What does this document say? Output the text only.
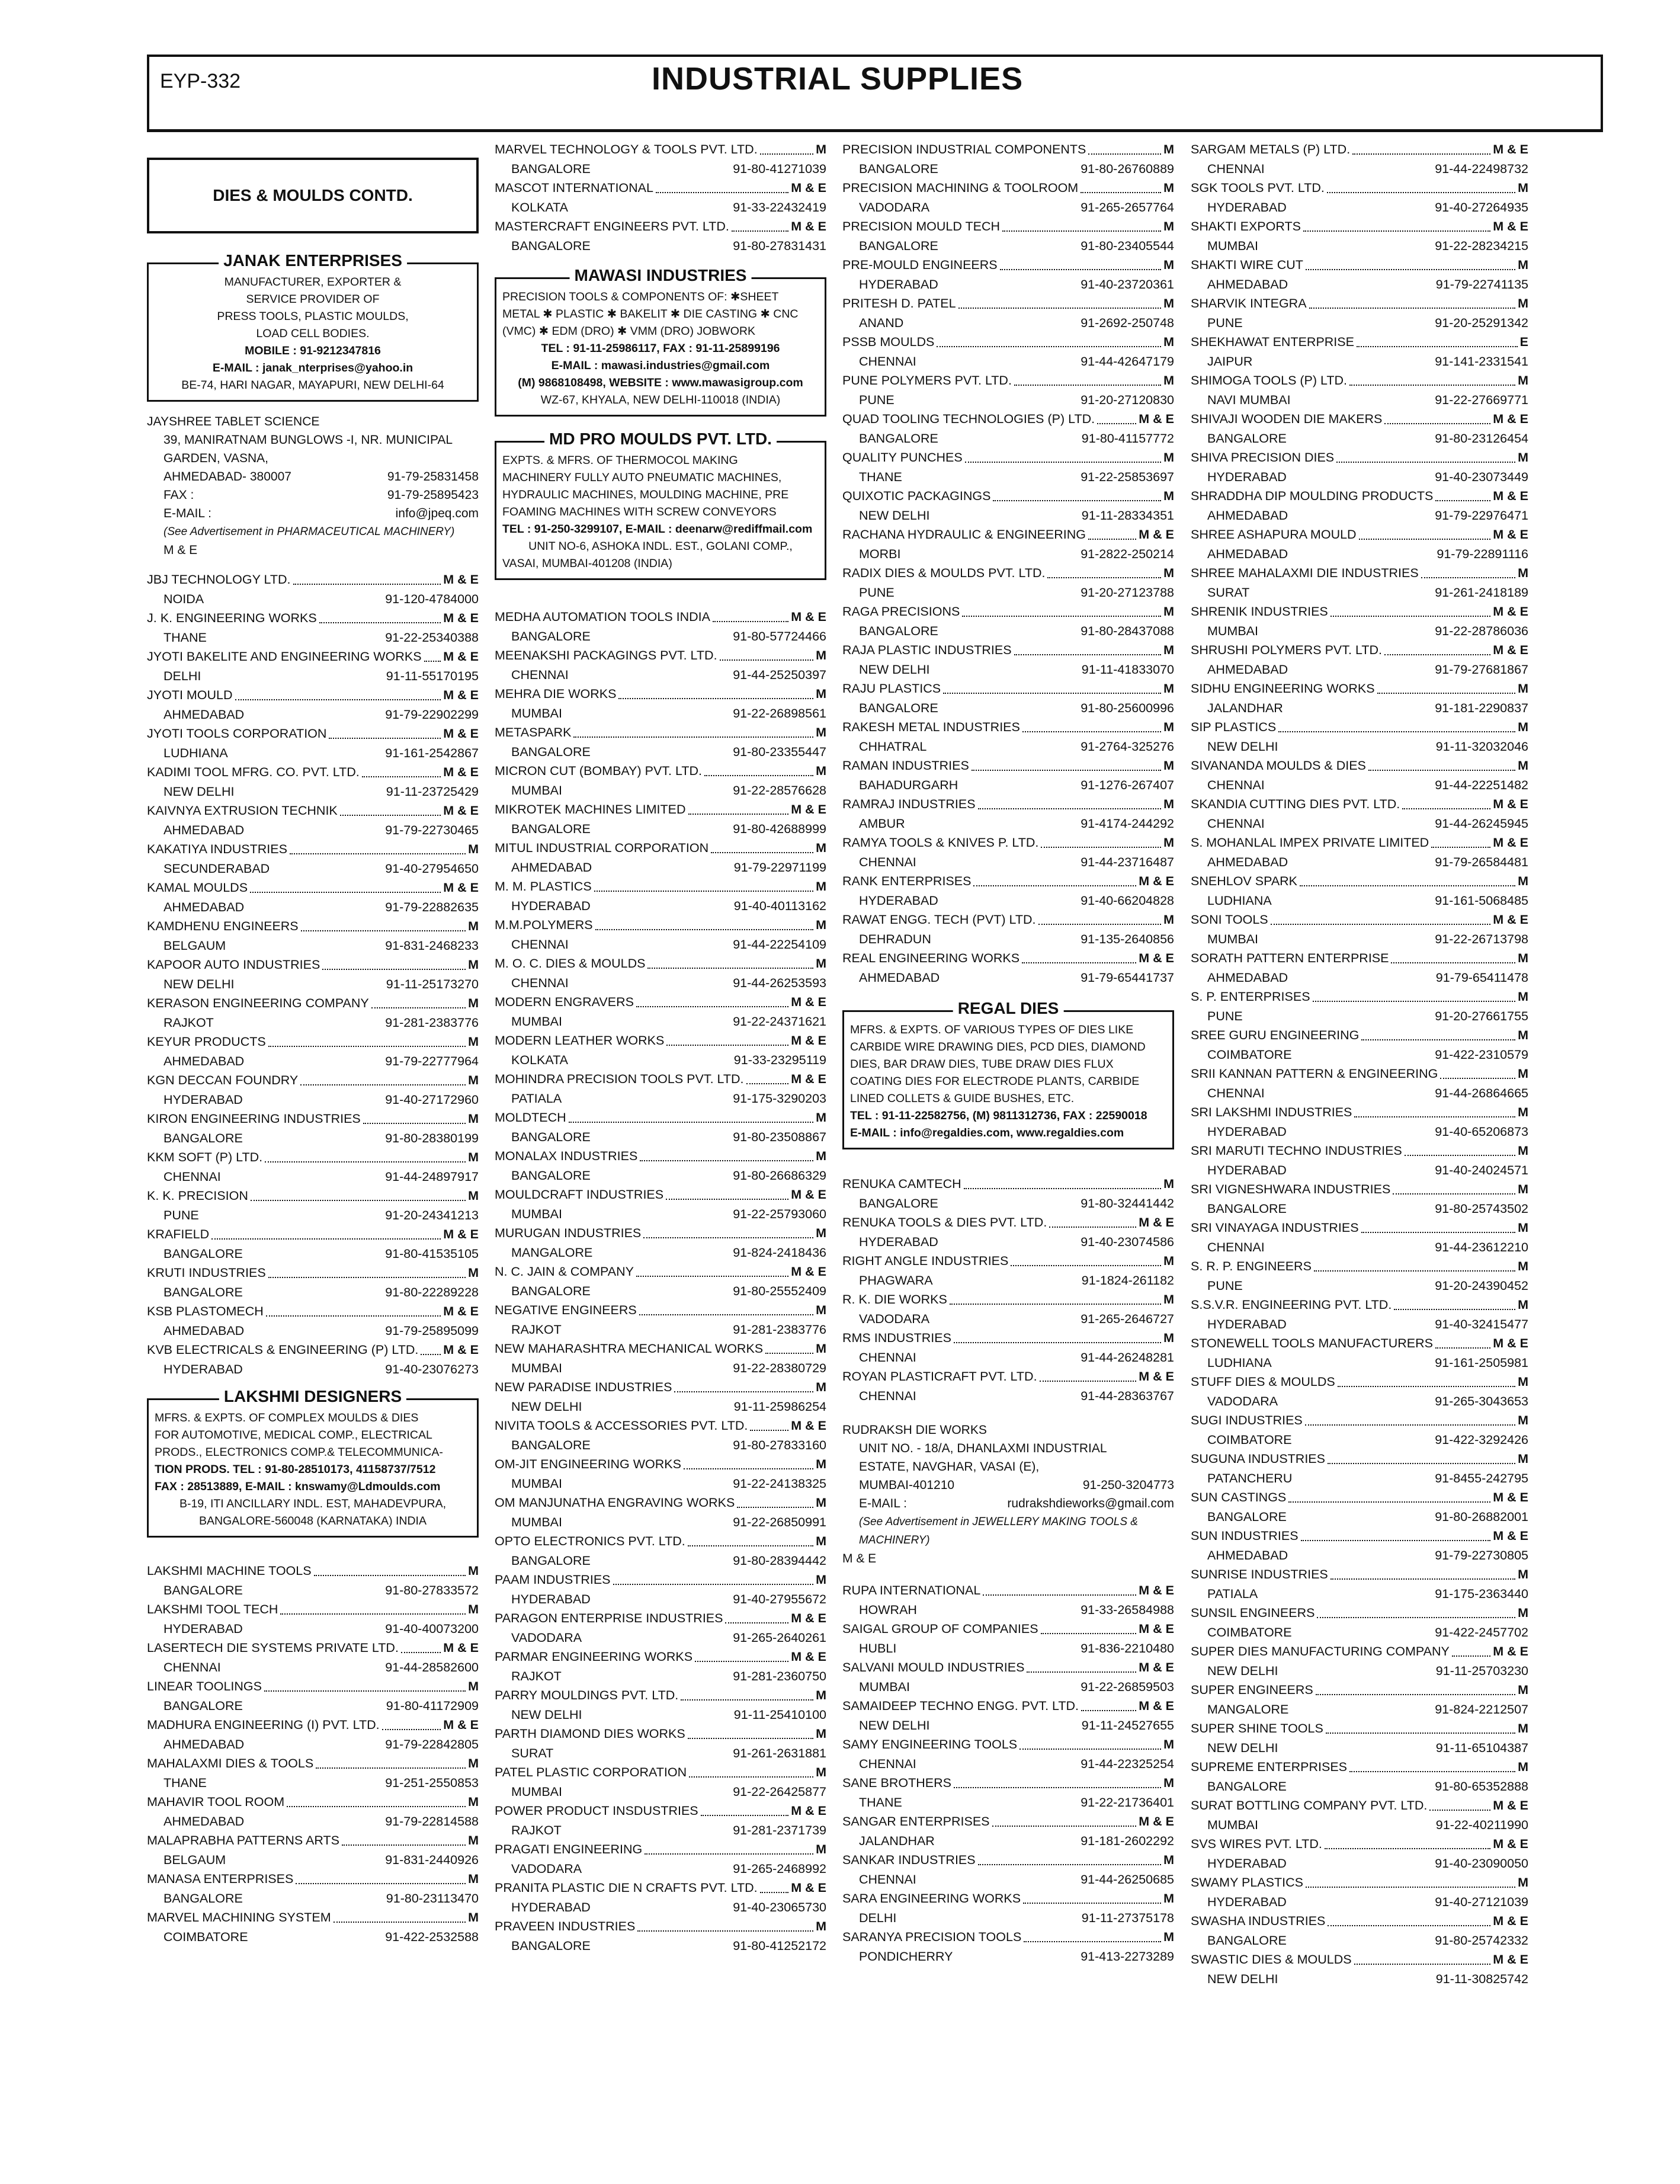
EYP-332	INDUSTRIAL SUPPLIES
DIES & MOULDS CONTD.
JANAK ENTERPRISES
MANUFACTURER, EXPORTER &
SERVICE PROVIDER OF
PRESS TOOLS, PLASTIC MOULDS,
LOAD CELL BODIES.
MOBILE : 91-9212347816
E-MAIL : janak_nterprises@yahoo.in
BE-74, HARI NAGAR, MAYAPURI, NEW DELHI-64
JAYSHREE TABLET SCIENCE
39, MANIRATNAM BUNGLOWS -I, NR. MUNICIPAL
GARDEN, VASNA,
AHMEDABAD- 380007	91-79-25831458
FAX :	91-79-25895423
E-MAIL :	info@jpeq.com
(See Advertisement in PHARMACEUTICAL MACHINERY)
M & E
JBJ TECHNOLOGY LTD.	M & E
NOIDA	91-120-4784000
J. K. ENGINEERING WORKS	M & E
THANE	91-22-25340388
JYOTI BAKELITE AND ENGINEERING WORKS M & E
DELHI	91-11-55170195
JYOTI MOULD	M & E
AHMEDABAD	91-79-22902299
JYOTI TOOLS CORPORATION	M & E
LUDHIANA	91-161-2542867
KADIMI TOOL MFRG. CO. PVT. LTD.	M & E
NEW DELHI	91-11-23725429
KAIVNYA EXTRUSION TECHNIK	M & E
AHMEDABAD	91-79-22730465
KAKATIYA INDUSTRIES	M
SECUNDERABAD	91-40-27954650
KAMAL MOULDS	M & E
AHMEDABAD	91-79-22882635
KAMDHENU ENGINEERS	M
BELGAUM	91-831-2468233
KAPOOR AUTO INDUSTRIES	M
NEW DELHI	91-11-25173270
KERASON ENGINEERING COMPANY	M
RAJKOT	91-281-2383776
KEYUR PRODUCTS	M
AHMEDABAD	91-79-22777964
KGN DECCAN FOUNDRY	M
HYDERABAD	91-40-27172960
KIRON ENGINEERING INDUSTRIES	M
BANGALORE	91-80-28380199
KKM SOFT (P) LTD.	M
CHENNAI	91-44-24897917
K. K. PRECISION	M
PUNE	91-20-24341213
KRAFIELD	M & E
BANGALORE	91-80-41535105
KRUTI INDUSTRIES	M
BANGALORE	91-80-22289228
KSB PLASTOMECH	M & E
AHMEDABAD	91-79-25895099
KVB ELECTRICALS & ENGINEERING (P) LTD. M & E
HYDERABAD	91-40-23076273
LAKSHMI DESIGNERS
MFRS. & EXPTS. OF COMPLEX MOULDS & DIES
FOR AUTOMOTIVE, MEDICAL COMP., ELECTRICAL
PRODS., ELECTRONICS COMP.& TELECOMMUNICA-
TION PRODS. TEL : 91-80-28510173, 41158737/7512
FAX : 28513889, E-MAIL : knswamy@Ldmoulds.com
B-19, ITI ANCILLARY INDL. EST, MAHADEVPURA,
BANGALORE-560048 (KARNATAKA) INDIA
LAKSHMI MACHINE TOOLS	M
BANGALORE	91-80-27833572
LAKSHMI TOOL TECH	M
HYDERABAD	91-40-40073200
LASERTECH DIE SYSTEMS PRIVATE LTD.	M & E
CHENNAI	91-44-28582600
LINEAR TOOLINGS	M
BANGALORE	91-80-41172909
MADHURA ENGINEERING (I) PVT. LTD.	M & E
AHMEDABAD	91-79-22842805
MAHALAXMI DIES & TOOLS	M
THANE	91-251-2550853
MAHAVIR TOOL ROOM	M
AHMEDABAD	91-79-22814588
MALAPRABHA PATTERNS ARTS	M
BELGAUM	91-831-2440926
MANASA ENTERPRISES	M
BANGALORE	91-80-23113470
MARVEL MACHINING SYSTEM	M
COIMBATORE	91-422-2532588
MARVEL TECHNOLOGY & TOOLS PVT. LTD.	M
BANGALORE	91-80-41271039
MASCOT INTERNATIONAL	M & E
KOLKATA	91-33-22432419
MASTERCRAFT ENGINEERS PVT. LTD.	M & E
BANGALORE	91-80-27831431
MAWASI INDUSTRIES
PRECISION TOOLS & COMPONENTS OF: ✱SHEET
METAL ✱ PLASTIC ✱ BAKELIT ✱ DIE CASTING ✱ CNC
(VMC) ✱ EDM (DRO) ✱ VMM (DRO) JOBWORK
TEL : 91-11-25986117, FAX : 91-11-25899196
E-MAIL : mawasi.industries@gmail.com
(M) 9868108498, WEBSITE : www.mawasigroup.com
WZ-67, KHYALA, NEW DELHI-110018 (INDIA)
MD PRO MOULDS PVT. LTD.
EXPTS. & MFRS. OF THERMOCOL MAKING
MACHINERY FULLY AUTO PNEUMATIC MACHINES,
HYDRAULIC MACHINES, MOULDING MACHINE, PRE
FOAMING MACHINES WITH SCREW CONVEYORS
TEL : 91-250-3299107, E-MAIL : deenarw@rediffmail.com
UNIT NO-6, ASHOKA INDL. EST., GOLANI COMP.,
VASAI, MUMBAI-401208 (INDIA)
MEDHA AUTOMATION TOOLS INDIA	M & E
BANGALORE	91-80-57724466
MEENAKSHI PACKAGINGS PVT. LTD.	M
CHENNAI	91-44-25250397
MEHRA DIE WORKS	M
MUMBAI	91-22-26898561
METASPARK	M
BANGALORE	91-80-23355447
MICRON CUT (BOMBAY) PVT. LTD.	M
MUMBAI	91-22-28576628
MIKROTEK MACHINES LIMITED	M & E
BANGALORE	91-80-42688999
MITUL INDUSTRIAL CORPORATION	M
AHMEDABAD	91-79-22971199
M. M. PLASTICS	M
HYDERABAD	91-40-40113162
M.M.POLYMERS	M
CHENNAI	91-44-22254109
M. O. C. DIES & MOULDS	M
CHENNAI	91-44-26253593
MODERN ENGRAVERS	M & E
MUMBAI	91-22-24371621
MODERN LEATHER WORKS	M & E
KOLKATA	91-33-23295119
MOHINDRA PRECISION TOOLS PVT. LTD.	M & E
PATIALA	91-175-3290203
MOLDTECH	M
BANGALORE	91-80-23508867
MONALAX INDUSTRIES	M
BANGALORE	91-80-26686329
MOULDCRAFT INDUSTRIES	M & E
MUMBAI	91-22-25793060
MURUGAN INDUSTRIES	M
MANGALORE	91-824-2418436
N. C. JAIN & COMPANY	M & E
BANGALORE	91-80-25552409
NEGATIVE ENGINEERS	M
RAJKOT	91-281-2383776
NEW MAHARASHTRA MECHANICAL WORKS	M
MUMBAI	91-22-28380729
NEW PARADISE INDUSTRIES	M
NEW DELHI	91-11-25986254
NIVITA TOOLS & ACCESSORIES PVT. LTD.	M & E
BANGALORE	91-80-27833160
OM-JIT ENGINEERING WORKS	M
MUMBAI	91-22-24138325
OM MANJUNATHA ENGRAVING WORKS	M
MUMBAI	91-22-26850991
OPTO ELECTRONICS PVT. LTD.	M
BANGALORE	91-80-28394442
PAAM INDUSTRIES	M
HYDERABAD	91-40-27955672
PARAGON ENTERPRISE INDUSTRIES	M & E
VADODARA	91-265-2640261
PARMAR ENGINEERING WORKS	M & E
RAJKOT	91-281-2360750
PARRY MOULDINGS PVT. LTD.	M
NEW DELHI	91-11-25410100
PARTH DIAMOND DIES WORKS	M
SURAT	91-261-2631881
PATEL PLASTIC CORPORATION	M
MUMBAI	91-22-26425877
POWER PRODUCT INSDUSTRIES	M & E
RAJKOT	91-281-2371739
PRAGATI ENGINEERING	M
VADODARA	91-265-2468992
PRANITA PLASTIC DIE N CRAFTS PVT. LTD.	M & E
HYDERABAD	91-40-23065730
PRAVEEN INDUSTRIES	M
BANGALORE	91-80-41252172
PRECISION INDUSTRIAL COMPONENTS	M
BANGALORE	91-80-26760889
PRECISION MACHINING & TOOLROOM	M
VADODARA	91-265-2657764
PRECISION MOULD TECH	M
BANGALORE	91-80-23405544
PRE-MOULD ENGINEERS	M
HYDERABAD	91-40-23720361
PRITESH D. PATEL	M
ANAND	91-2692-250748
PSSB MOULDS	M
CHENNAI	91-44-42647179
PUNE POLYMERS PVT. LTD.	M
PUNE	91-20-27120830
QUAD TOOLING TECHNOLOGIES (P) LTD.	M & E
BANGALORE	91-80-41157772
QUALITY PUNCHES	M
THANE	91-22-25853697
QUIXOTIC PACKAGINGS	M
NEW DELHI	91-11-28334351
RACHANA HYDRAULIC & ENGINEERING	M & E
MORBI	91-2822-250214
RADIX DIES & MOULDS PVT. LTD.	M
PUNE	91-20-27123788
RAGA PRECISIONS	M
BANGALORE	91-80-28437088
RAJA PLASTIC INDUSTRIES	M
NEW DELHI	91-11-41833070
RAJU PLASTICS	M
BANGALORE	91-80-25600996
RAKESH METAL INDUSTRIES	M
CHHATRAL	91-2764-325276
RAMAN INDUSTRIES	M
BAHADURGARH	91-1276-267407
RAMRAJ INDUSTRIES	M
AMBUR	91-4174-244292
RAMYA TOOLS & KNIVES P. LTD.	M
CHENNAI	91-44-23716487
RANK ENTERPRISES	M & E
HYDERABAD	91-40-66204828
RAWAT ENGG. TECH (PVT) LTD.	M
DEHRADUN	91-135-2640856
REAL ENGINEERING WORKS	M & E
AHMEDABAD	91-79-65441737
REGAL DIES
MFRS. & EXPTS. OF VARIOUS TYPES OF DIES LIKE
CARBIDE WIRE DRAWING DIES, PCD DIES, DIAMOND
DIES, BAR DRAW DIES, TUBE DRAW DIES FLUX
COATING DIES FOR ELECTRODE PLANTS, CARBIDE
LINED COLLETS & GUIDE BUSHES, ETC.
TEL : 91-11-22582756, (M) 9811312736, FAX : 22590018
E-MAIL : info@regaldies.com, www.regaldies.com
RENUKA CAMTECH	M
BANGALORE	91-80-32441442
RENUKA TOOLS & DIES PVT. LTD.	M & E
HYDERABAD	91-40-23074586
RIGHT ANGLE INDUSTRIES	M
PHAGWARA	91-1824-261182
R. K. DIE WORKS	M
VADODARA	91-265-2646727
RMS INDUSTRIES	M
CHENNAI	91-44-26248281
ROYAN PLASTICRAFT PVT. LTD.	M & E
CHENNAI	91-44-28363767
RUDRAKSH DIE WORKS
UNIT NO. - 18/A, DHANLAXMI INDUSTRIAL
ESTATE, NAVGHAR, VASAI (E),
MUMBAI-401210	91-250-3204773
E-MAIL :	rudrakshdieworks@gmail.com
(See Advertisement in JEWELLERY MAKING TOOLS & MACHINERY)
M & E
RUPA INTERNATIONAL	M & E
HOWRAH	91-33-26584988
SAIGAL GROUP OF COMPANIES	M & E
HUBLI	91-836-2210480
SALVANI MOULD INDUSTRIES	M & E
MUMBAI	91-22-26859503
SAMAIDEEP TECHNO ENGG. PVT. LTD.	M & E
NEW DELHI	91-11-24527655
SAMY ENGINEERING TOOLS	M
CHENNAI	91-44-22325254
SANE BROTHERS	M
THANE	91-22-21736401
SANGAR ENTERPRISES	M & E
JALANDHAR	91-181-2602292
SANKAR INDUSTRIES	M
CHENNAI	91-44-26250685
SARA ENGINEERING WORKS	M
DELHI	91-11-27375178
SARANYA PRECISION TOOLS	M
PONDICHERRY	91-413-2273289
SARGAM METALS (P) LTD.	M & E
CHENNAI	91-44-22498732
SGK TOOLS PVT. LTD.	M
HYDERABAD	91-40-27264935
SHAKTI EXPORTS	M & E
MUMBAI	91-22-28234215
SHAKTI WIRE CUT	M
AHMEDABAD	91-79-22741135
SHARVIK INTEGRA	M
PUNE	91-20-25291342
SHEKHAWAT ENTERPRISE	E
JAIPUR	91-141-2331541
SHIMOGA TOOLS (P) LTD.	M
NAVI MUMBAI	91-22-27669771
SHIVAJI WOODEN DIE MAKERS	M & E
BANGALORE	91-80-23126454
SHIVA PRECISION DIES	M
HYDERABAD	91-40-23073449
SHRADDHA DIP MOULDING PRODUCTS	M & E
AHMEDABAD	91-79-22976471
SHREE ASHAPURA MOULD	M & E
AHMEDABAD	91-79-22891116
SHREE MAHALAXMI DIE INDUSTRIES	M
SURAT	91-261-2418189
SHRENIK INDUSTRIES	M & E
MUMBAI	91-22-28786036
SHRUSHI POLYMERS PVT. LTD.	M & E
AHMEDABAD	91-79-27681867
SIDHU ENGINEERING WORKS	M
JALANDHAR	91-181-2290837
SIP PLASTICS	M
NEW DELHI	91-11-32032046
SIVANANDA MOULDS & DIES	M
CHENNAI	91-44-22251482
SKANDIA CUTTING DIES PVT. LTD.	M & E
CHENNAI	91-44-26245945
S. MOHANLAL IMPEX PRIVATE LIMITED	M & E
AHMEDABAD	91-79-26584481
SNEHLOV SPARK	M
LUDHIANA	91-161-5068485
SONI TOOLS	M & E
MUMBAI	91-22-26713798
SORATH PATTERN ENTERPRISE	M
AHMEDABAD	91-79-65411478
S. P. ENTERPRISES	M
PUNE	91-20-27661755
SREE GURU ENGINEERING	M
COIMBATORE	91-422-2310579
SRII KANNAN PATTERN & ENGINEERING	M
CHENNAI	91-44-26864665
SRI LAKSHMI INDUSTRIES	M
HYDERABAD	91-40-65206873
SRI MARUTI TECHNO INDUSTRIES	M
HYDERABAD	91-40-24024571
SRI VIGNESHWARA INDUSTRIES	M
BANGALORE	91-80-25743502
SRI VINAYAGA INDUSTRIES	M
CHENNAI	91-44-23612210
S. R. P. ENGINEERS	M
PUNE	91-20-24390452
S.S.V.R. ENGINEERING PVT. LTD.	M
HYDERABAD	91-40-32415477
STONEWELL TOOLS MANUFACTURERS	M & E
LUDHIANA	91-161-2505981
STUFF DIES & MOULDS	M
VADODARA	91-265-3043653
SUGI INDUSTRIES	M
COIMBATORE	91-422-3292426
SUGUNA INDUSTRIES	M
PATANCHERU	91-8455-242795
SUN CASTINGS	M & E
BANGALORE	91-80-26882001
SUN INDUSTRIES	M & E
AHMEDABAD	91-79-22730805
SUNRISE INDUSTRIES	M
PATIALA	91-175-2363440
SUNSIL ENGINEERS	M
COIMBATORE	91-422-2457702
SUPER DIES MANUFACTURING COMPANY	M & E
NEW DELHI	91-11-25703230
SUPER ENGINEERS	M
MANGALORE	91-824-2212507
SUPER SHINE TOOLS	M
NEW DELHI	91-11-65104387
SUPREME ENTERPRISES	M
BANGALORE	91-80-65352888
SURAT BOTTLING COMPANY PVT. LTD.	M & E
MUMBAI	91-22-40211990
SVS WIRES PVT. LTD.	M & E
HYDERABAD	91-40-23090050
SWAMY PLASTICS	M
HYDERABAD	91-40-27121039
SWASHA INDUSTRIES	M & E
BANGALORE	91-80-25742332
SWASTIC DIES & MOULDS	M & E
NEW DELHI	91-11-30825742
